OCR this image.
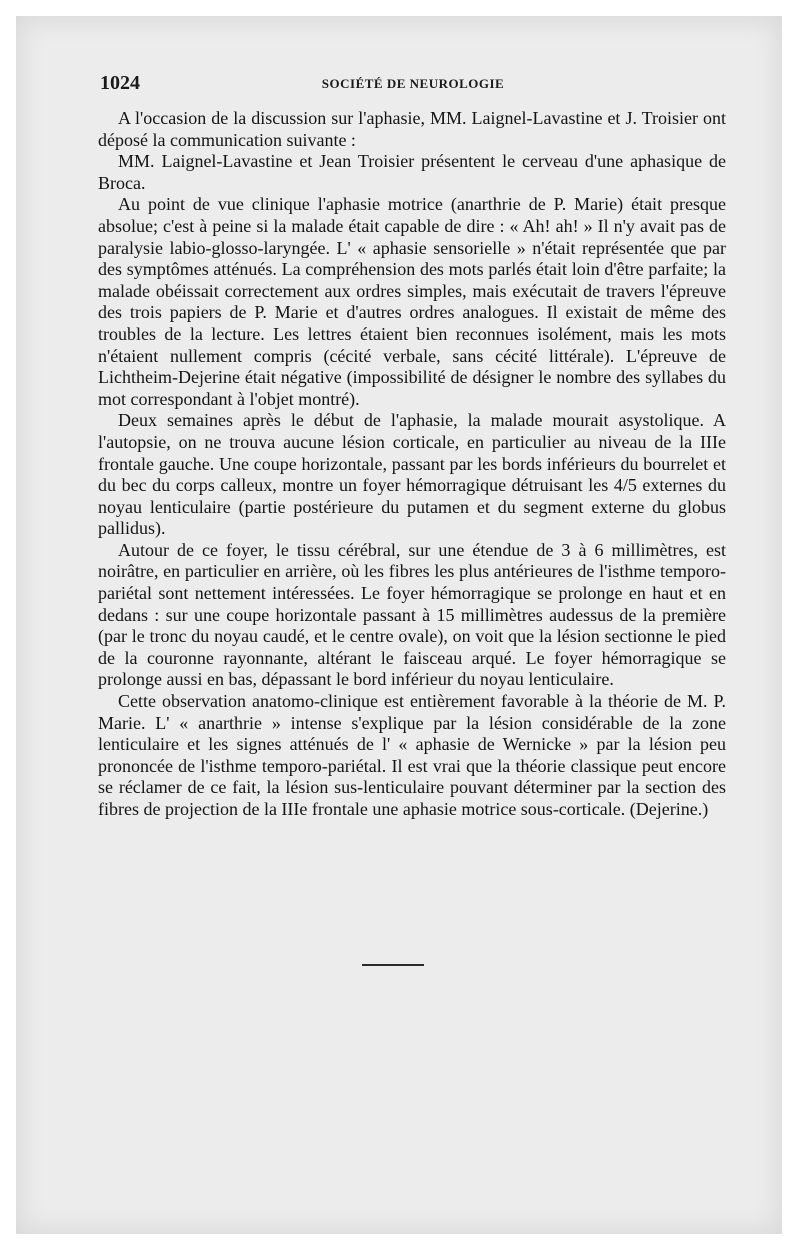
1024	SOCIÉTÉ DE NEUROLOGIE

A l'occasion de la discussion sur l'aphasie, MM. Laignel-Lavastine et J. Troisier ont déposé la communication suivante :

MM. Laignel-Lavastine et Jean Troisier présentent le cerveau d'une aphasique de Broca.

Au point de vue clinique l'aphasie motrice (anarthrie de P. Marie) était presque absolue; c'est à peine si la malade était capable de dire : « Ah! ah! » Il n'y avait pas de paralysie labio-glosso-laryngée. L' « aphasie sensorielle » n'était représentée que par des symptômes atténués. La compréhension des mots parlés était loin d'être parfaite; la malade obéissait correctement aux ordres simples, mais exécutait de travers l'épreuve des trois papiers de P. Marie et d'autres ordres analogues. Il existait de même des troubles de la lecture. Les lettres étaient bien reconnues isolément, mais les mots n'étaient nullement compris (cécité verbale, sans cécité littérale). L'épreuve de Lichtheim-Dejerine était négative (impossibilité de désigner le nombre des syllabes du mot correspondant à l'objet montré).

Deux semaines après le début de l'aphasie, la malade mourait asystolique. A l'autopsie, on ne trouva aucune lésion corticale, en particulier au niveau de la IIIe frontale gauche. Une coupe horizontale, passant par les bords inférieurs du bourrelet et du bec du corps calleux, montre un foyer hémorragique détruisant les 4/5 externes du noyau lenticulaire (partie postérieure du putamen et du segment externe du globus pallidus).

Autour de ce foyer, le tissu cérébral, sur une étendue de 3 à 6 millimètres, est noirâtre, en particulier en arrière, où les fibres les plus antérieures de l'isthme temporo-pariétal sont nettement intéressées. Le foyer hémorragique se prolonge en haut et en dedans : sur une coupe horizontale passant à 15 millimètres audessus de la première (par le tronc du noyau caudé, et le centre ovale), on voit que la lésion sectionne le pied de la couronne rayonnante, altérant le faisceau arqué. Le foyer hémorragique se prolonge aussi en bas, dépassant le bord inférieur du noyau lenticulaire.

Cette observation anatomo-clinique est entièrement favorable à la théorie de M. P. Marie. L' « anarthrie » intense s'explique par la lésion considérable de la zone lenticulaire et les signes atténués de l' « aphasie de Wernicke » par la lésion peu prononcée de l'isthme temporo-pariétal. Il est vrai que la théorie classique peut encore se réclamer de ce fait, la lésion sus-lenticulaire pouvant déterminer par la section des fibres de projection de la IIIe frontale une aphasie motrice sous-corticale. (Dejerine.)
